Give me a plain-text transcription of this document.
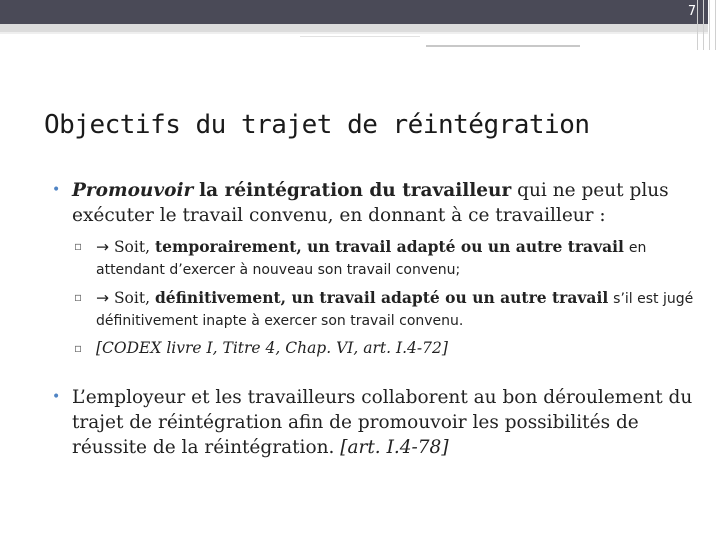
7
Objectifs du trajet de réintégration
• Promouvoir la réintégration du travailleur qui ne peut plus exécuter le travail convenu, en donnant à ce travailleur :
▫ → Soit, temporairement, un travail adapté ou un autre travail en attendant d’exercer à nouveau son travail convenu;
▫ → Soit, définitivement, un travail adapté ou un autre travail s’il est jugé définitivement inapte à exercer son travail convenu.
▫ [CODEX livre I, Titre 4, Chap. VI, art. I.4-72]
• L’employeur et les travailleurs collaborent au bon déroulement du trajet de réintégration afin de promouvoir les possibilités de réussite de la réintégration. [art. I.4-78]
